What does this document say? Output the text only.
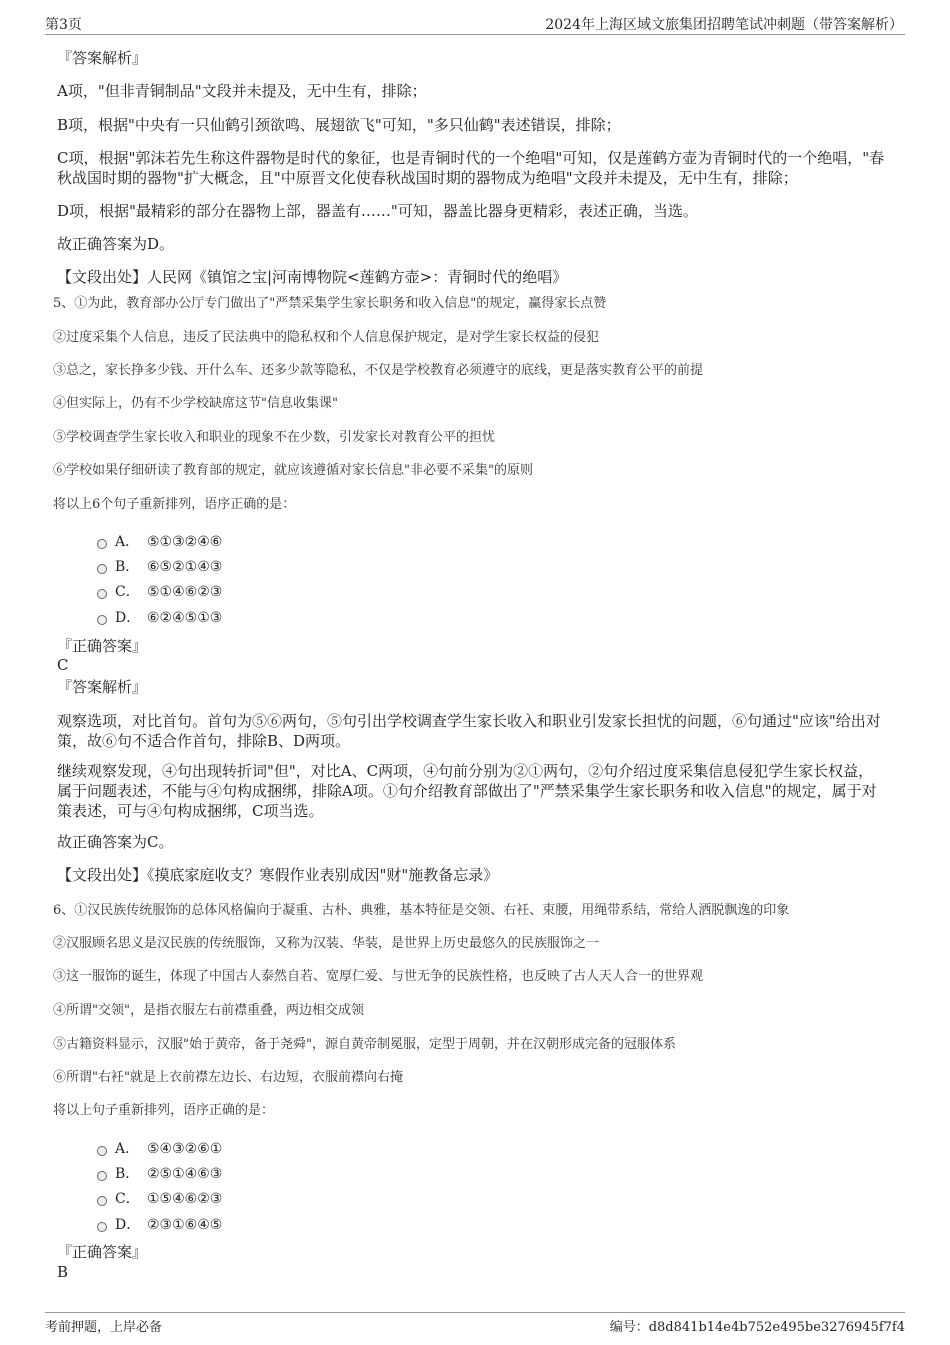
第3页	2024年上海区域文旅集团招聘笔试冲刺题（带答案解析）
『答案解析』
A项，"但非青铜制品"文段并未提及，无中生有，排除；
B项，根据"中央有一只仙鹤引颈欲鸣、展翅欲飞"可知，"多只仙鹤"表述错误，排除；
C项，根据"郭沫若先生称这件器物是时代的象征，也是青铜时代的一个绝唱"可知，仅是莲鹤方壶为青铜时代的一个绝唱，"春秋战国时期的器物"扩大概念，且"中原晋文化使春秋战国时期的器物成为绝唱"文段并未提及，无中生有，排除；
D项，根据"最精彩的部分在器物上部，器盖有……"可知，器盖比器身更精彩，表述正确，当选。
故正确答案为D。
【文段出处】人民网《镇馆之宝|河南博物院<莲鹤方壶>：青铜时代的绝唱》
5、①为此，教育部办公厅专门做出了"严禁采集学生家长职务和收入信息"的规定，赢得家长点赞
②过度采集个人信息，违反了民法典中的隐私权和个人信息保护规定，是对学生家长权益的侵犯
③总之，家长挣多少钱、开什么车、还多少款等隐私，不仅是学校教育必须遵守的底线，更是落实教育公平的前提
④但实际上，仍有不少学校缺席这节"信息收集课"
⑤学校调查学生家长收入和职业的现象不在少数，引发家长对教育公平的担忧
⑥学校如果仔细研读了教育部的规定，就应该遵循对家长信息"非必要不采集"的原则
将以上6个句子重新排列，语序正确的是：
A． ⑤①③②④⑥
B． ⑥⑤②①④③
C． ⑤①④⑥②③
D． ⑥②④⑤①③
『正确答案』
C
『答案解析』
观察选项，对比首句。首句为⑤⑥两句，⑤句引出学校调查学生家长收入和职业引发家长担忧的问题，⑥句通过"应该"给出对策，故⑥句不适合作首句，排除B、D两项。
继续观察发现，④句出现转折词"但"，对比A、C两项，④句前分别为②①两句，②句介绍过度采集信息侵犯学生家长权益，属于问题表述，不能与④句构成捆绑，排除A项。①句介绍教育部做出了"严禁采集学生家长职务和收入信息"的规定，属于对策表述，可与④句构成捆绑，C项当选。
故正确答案为C。
【文段出处】《摸底家庭收支？寒假作业表别成因"财"施教备忘录》
6、①汉民族传统服饰的总体风格偏向于凝重、古朴、典雅，基本特征是交领、右衽、束腰，用绳带系结，常给人洒脱飘逸的印象
②汉服顾名思义是汉民族的传统服饰，又称为汉装、华装，是世界上历史最悠久的民族服饰之一
③这一服饰的诞生，体现了中国古人泰然自若、宽厚仁爱、与世无争的民族性格，也反映了古人天人合一的世界观
④所谓"交领"，是指衣服左右前襟重叠，两边相交成领
⑤古籍资料显示，汉服"始于黄帝，备于尧舜"，源自黄帝制冕服，定型于周朝，并在汉朝形成完备的冠服体系
⑥所谓"右衽"就是上衣前襟左边长、右边短，衣服前襟向右掩
将以上句子重新排列，语序正确的是：
A． ⑤④③②⑥①
B． ②⑤①④⑥③
C． ①⑤④⑥②③
D． ②③①⑥④⑤
『正确答案』
B
考前押题，上岸必备	编号：d8d841b14e4b752e495be3276945f7f4
